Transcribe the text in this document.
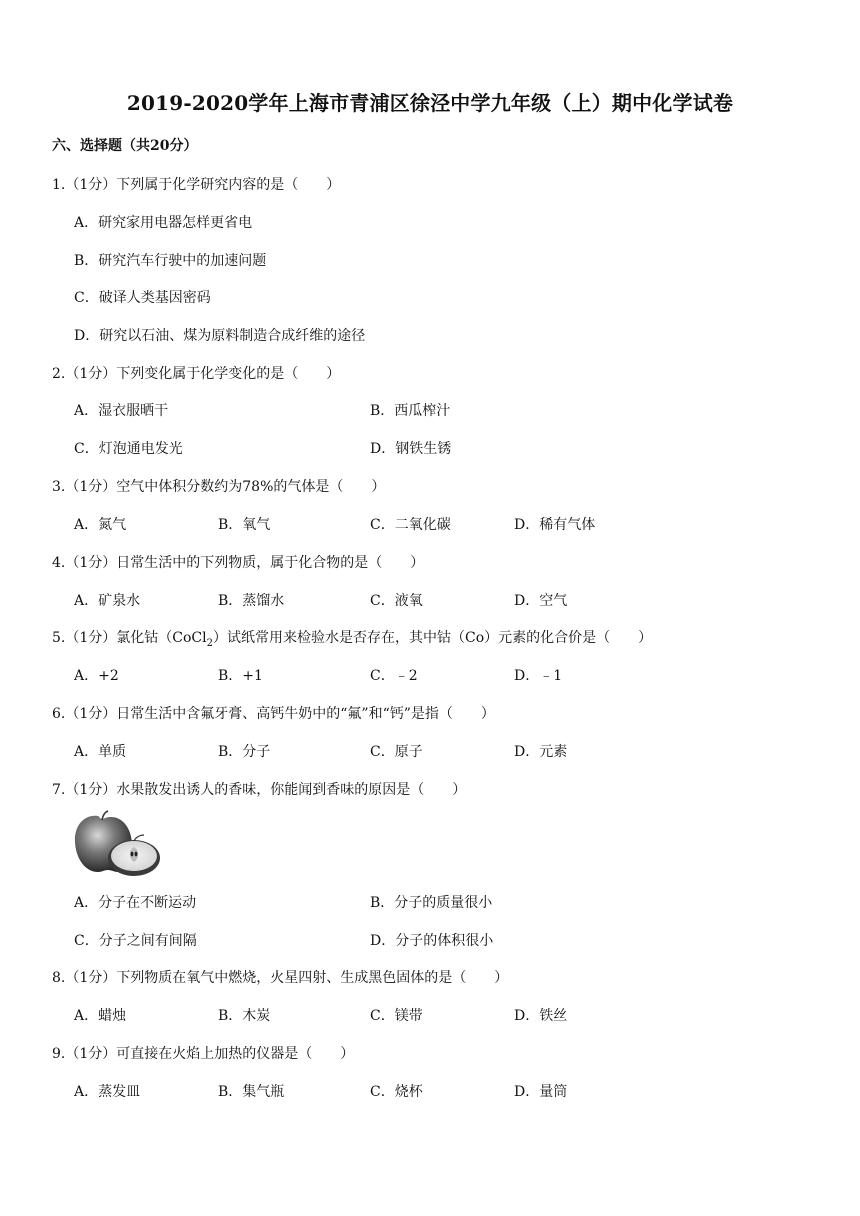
2019-2020学年上海市青浦区徐泾中学九年级（上）期中化学试卷
六、选择题（共20分）
1.（1分）下列属于化学研究内容的是（　　）
A．研究家用电器怎样更省电
B．研究汽车行驶中的加速问题
C．破译人类基因密码
D．研究以石油、煤为原料制造合成纤维的途径
2.（1分）下列变化属于化学变化的是（　　）
A．湿衣服晒干	B．西瓜榨汁
C．灯泡通电发光	D．钢铁生锈
3.（1分）空气中体积分数约为78%的气体是（　　）
A．氮气	B．氧气	C．二氧化碳	D．稀有气体
4.（1分）日常生活中的下列物质，属于化合物的是（　　）
A．矿泉水	B．蒸馏水	C．液氧	D．空气
5.（1分）氯化钴（CoCl$_2$）试纸常用来检验水是否存在，其中钴（Co）元素的化合价是（　　）
A．+2	B．+1	C．﹣2	D．﹣1
6.（1分）日常生活中含氟牙膏、高钙牛奶中的“氟”和“钙”是指（　　）
A．单质	B．分子	C．原子	D．元素
7.（1分）水果散发出诱人的香味，你能闻到香味的原因是（　　）
A．分子在不断运动	B．分子的质量很小
C．分子之间有间隔	D．分子的体积很小
8.（1分）下列物质在氧气中燃烧，火星四射、生成黑色固体的是（　　）
A．蜡烛	B．木炭	C．镁带	D．铁丝
9.（1分）可直接在火焰上加热的仪器是（　　）
A．蒸发皿	B．集气瓶	C．烧杯	D．量筒
